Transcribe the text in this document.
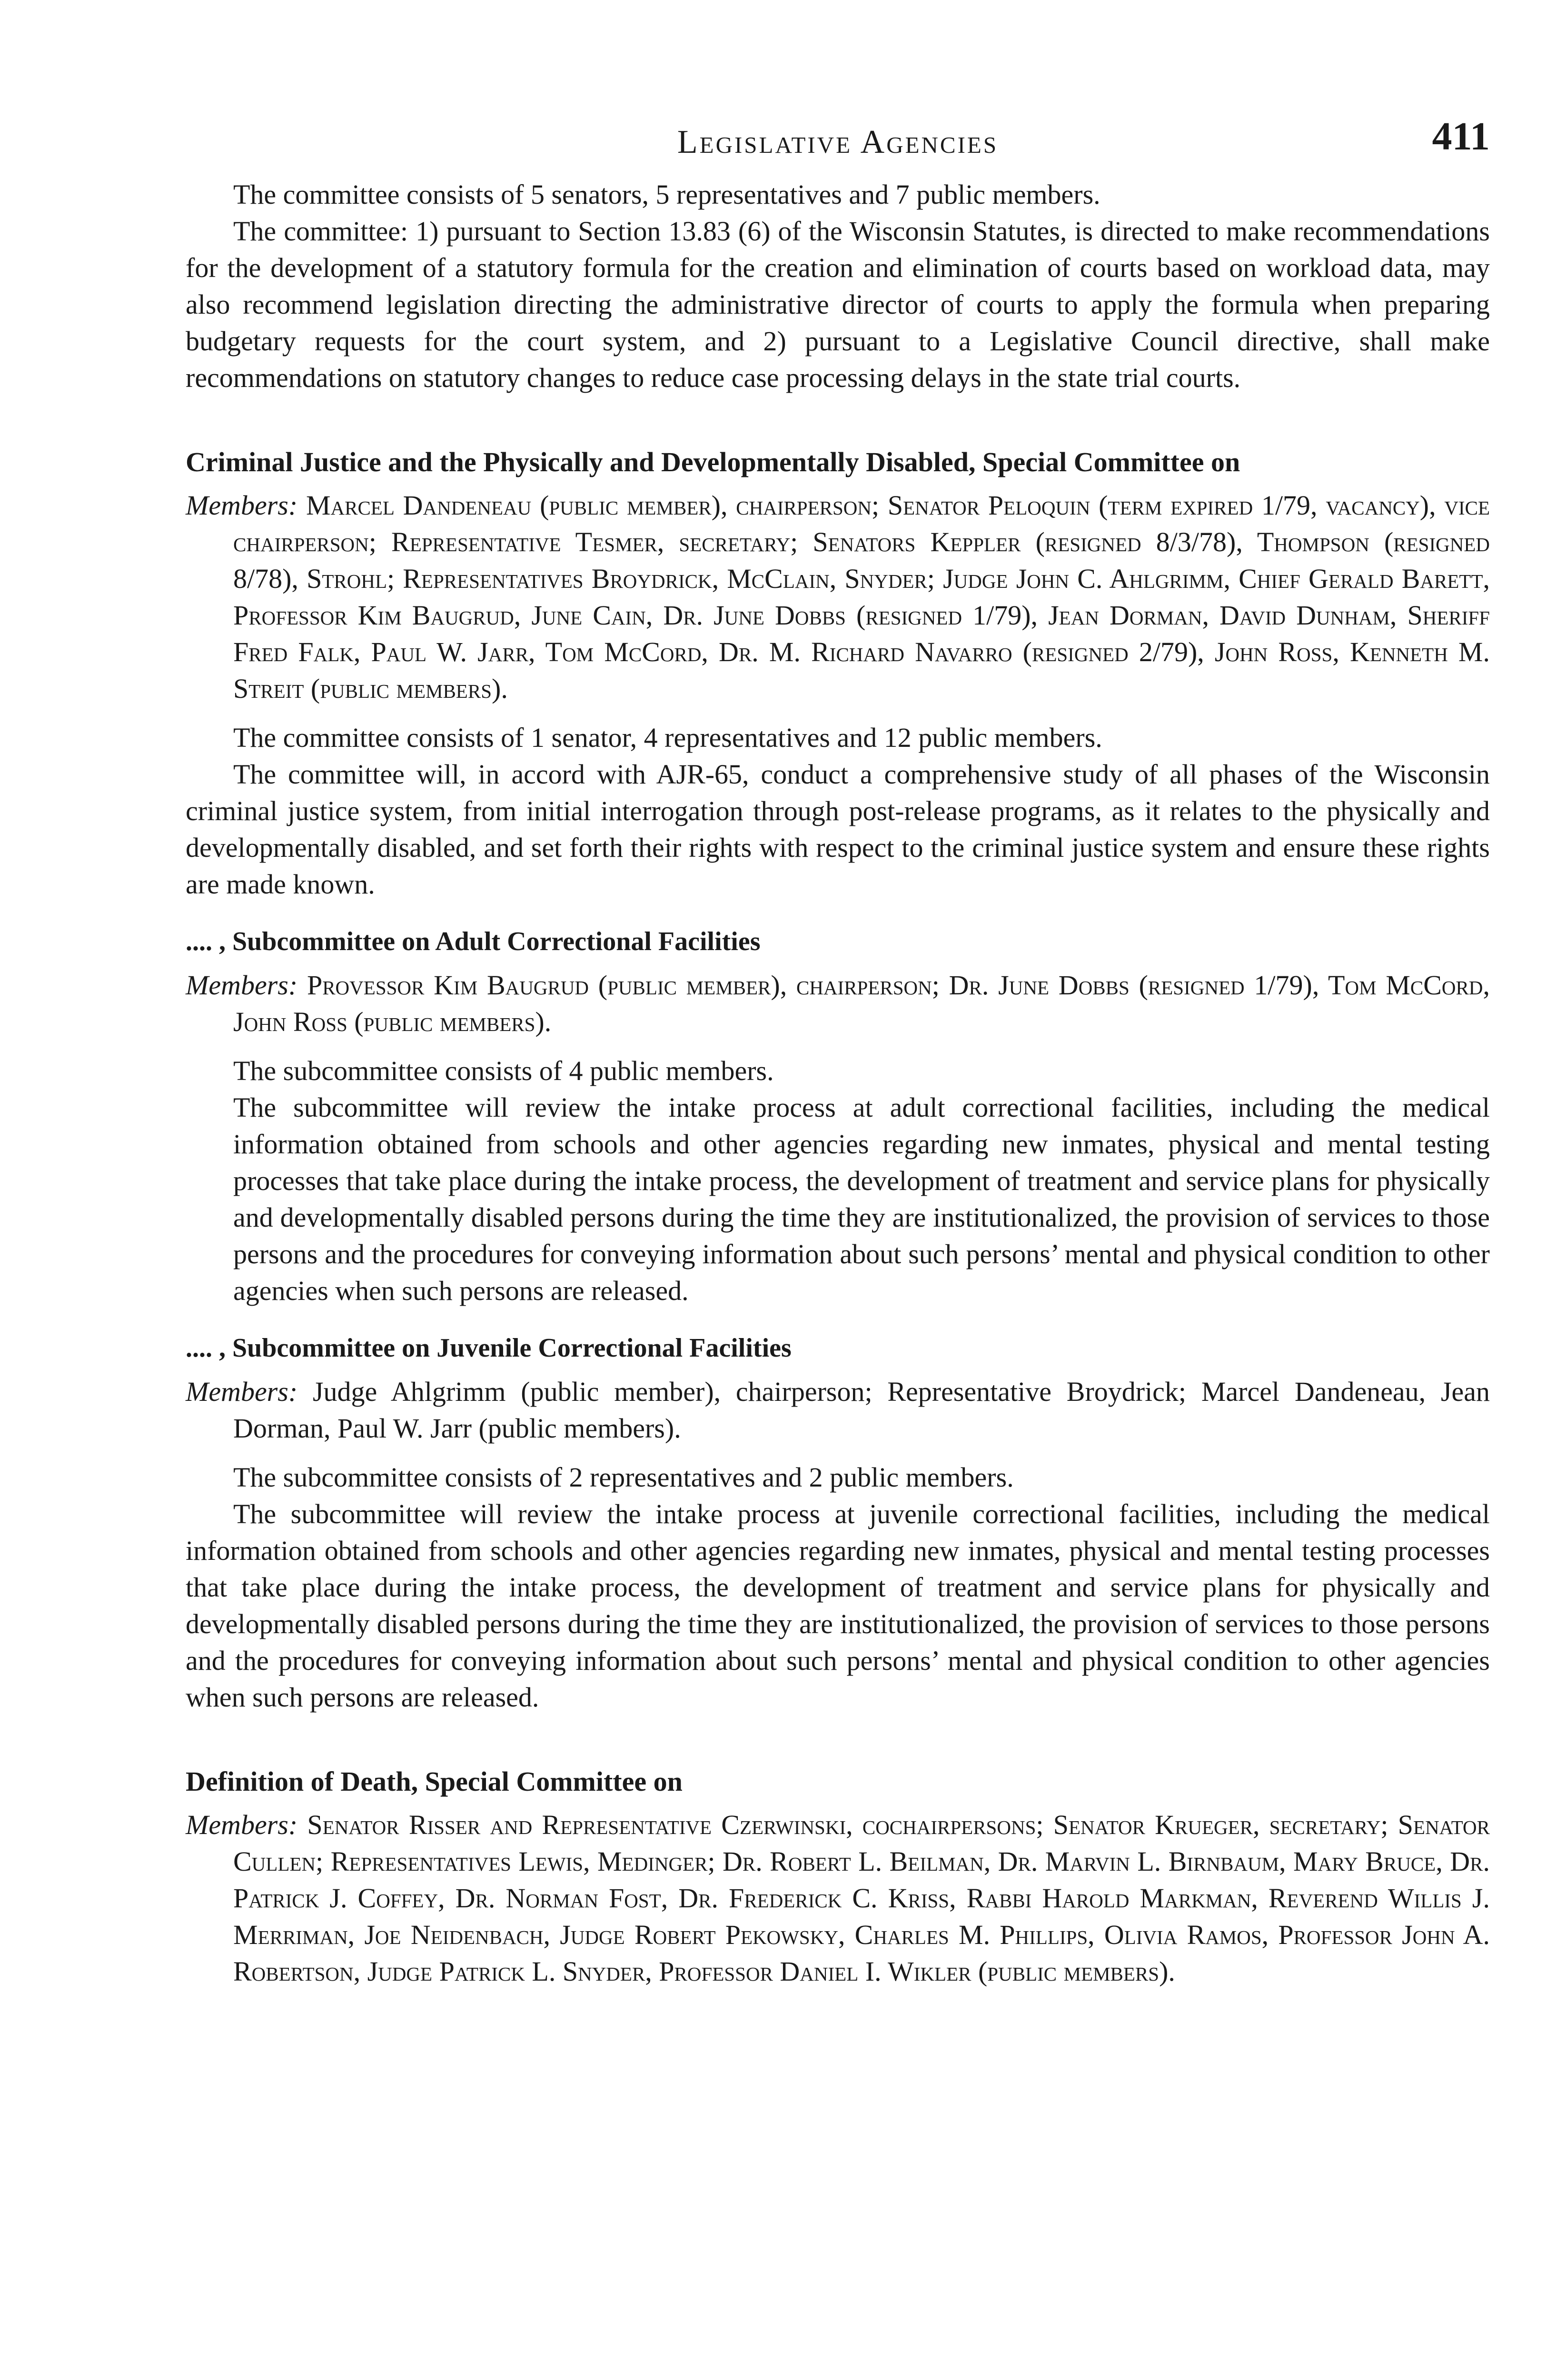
Legislative Agencies	411

The committee consists of 5 senators, 5 representatives and 7 public members.

The committee: 1) pursuant to Section 13.83 (6) of the Wisconsin Statutes, is directed to make recommendations for the development of a statutory formula for the creation and elimination of courts based on workload data, may also recommend legislation directing the administrative director of courts to apply the formula when preparing budgetary requests for the court system, and 2) pursuant to a Legislative Council directive, shall make recommendations on statutory changes to reduce case processing delays in the state trial courts.

Criminal Justice and the Physically and Developmentally Disabled, Special Committee on

Members: Marcel Dandeneau (public member), chairperson; Senator Peloquin (term expired 1/79, vacancy), vice chairperson; Representative Tesmer, secretary; Senators Keppler (resigned 8/3/78), Thompson (resigned 8/78), Strohl; Representatives Broydrick, McClain, Snyder; Judge John C. Ahlgrimm, Chief Gerald Barett, Professor Kim Baugrud, June Cain, Dr. June Dobbs (resigned 1/79), Jean Dorman, David Dunham, Sheriff Fred Falk, Paul W. Jarr, Tom McCord, Dr. M. Richard Navarro (resigned 2/79), John Ross, Kenneth M. Streit (public members).

The committee consists of 1 senator, 4 representatives and 12 public members.

The committee will, in accord with AJR-65, conduct a comprehensive study of all phases of the Wisconsin criminal justice system, from initial interrogation through post-release programs, as it relates to the physically and developmentally disabled, and set forth their rights with respect to the criminal justice system and ensure these rights are made known.

.... , Subcommittee on Adult Correctional Facilities

Members: Provessor Kim Baugrud (public member), chairperson; Dr. June Dobbs (resigned 1/79), Tom McCord, John Ross (public members).

The subcommittee consists of 4 public members.

The subcommittee will review the intake process at adult correctional facilities, including the medical information obtained from schools and other agencies regarding new inmates, physical and mental testing processes that take place during the intake process, the development of treatment and service plans for physically and developmentally disabled persons during the time they are institutionalized, the provision of services to those persons and the procedures for conveying information about such persons’ mental and physical condition to other agencies when such persons are released.

.... , Subcommittee on Juvenile Correctional Facilities

Members: Judge Ahlgrimm (public member), chairperson; Representative Broydrick; Marcel Dandeneau, Jean Dorman, Paul W. Jarr (public members).

The subcommittee consists of 2 representatives and 2 public members.

The subcommittee will review the intake process at juvenile correctional facilities, including the medical information obtained from schools and other agencies regarding new inmates, physical and mental testing processes that take place during the intake process, the development of treatment and service plans for physically and developmentally disabled persons during the time they are institutionalized, the provision of services to those persons and the procedures for conveying information about such persons’ mental and physical condition to other agencies when such persons are released.

Definition of Death, Special Committee on

Members: Senator Risser and Representative Czerwinski, cochairpersons; Senator Krueger, secretary; Senator Cullen; Representatives Lewis, Medinger; Dr. Robert L. Beilman, Dr. Marvin L. Birnbaum, Mary Bruce, Dr. Patrick J. Coffey, Dr. Norman Fost, Dr. Frederick C. Kriss, Rabbi Harold Markman, Reverend Willis J. Merriman, Joe Neidenbach, Judge Robert Pekowsky, Charles M. Phillips, Olivia Ramos, Professor John A. Robertson, Judge Patrick L. Snyder, Professor Daniel I. Wikler (public members).
